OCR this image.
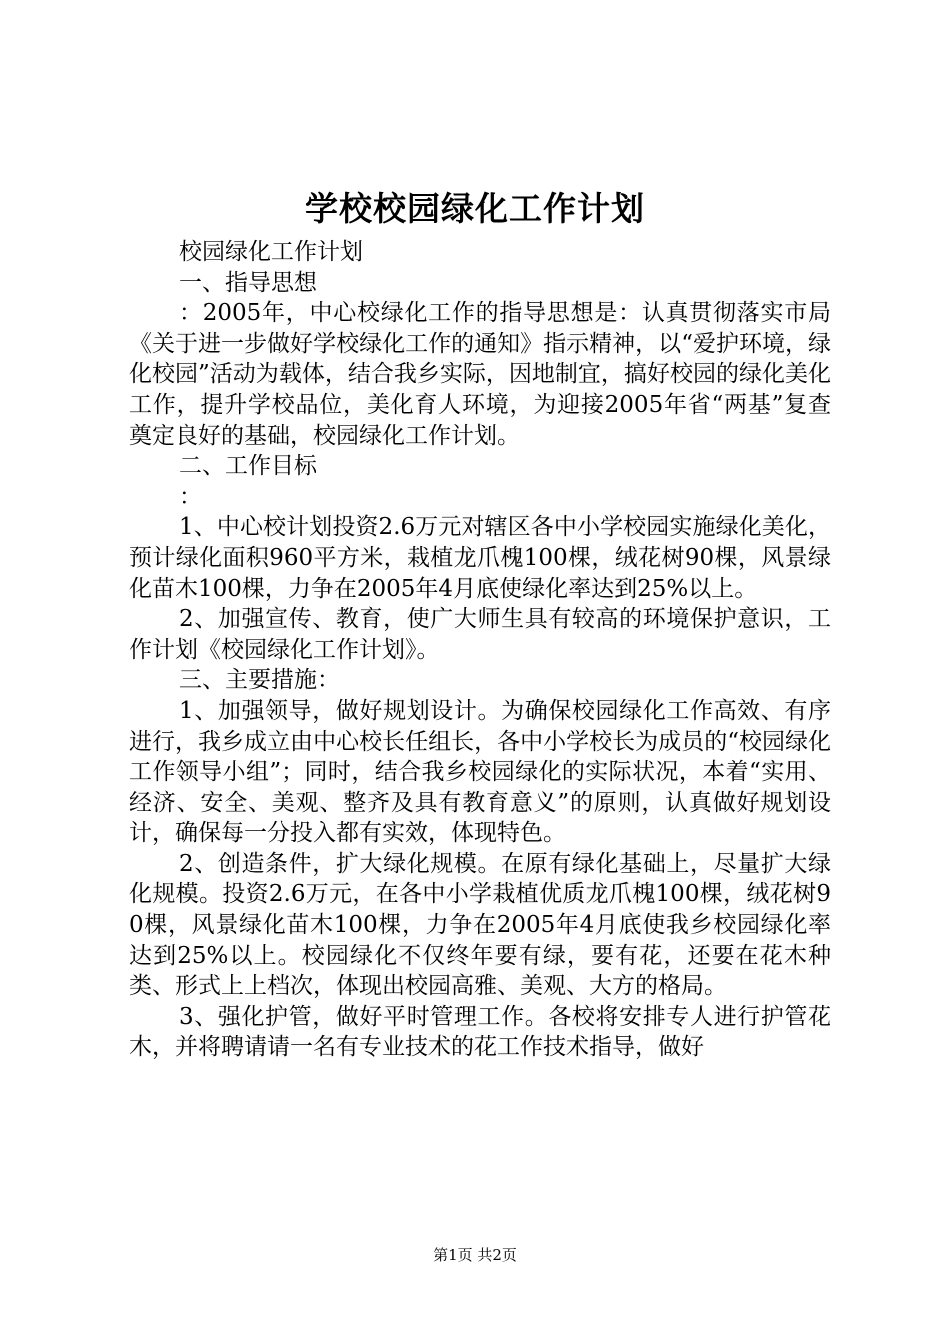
学校校园绿化工作计划

校园绿化工作计划

一、指导思想

：2005年，中心校绿化工作的指导思想是：认真贯彻落实市局《关于进一步做好学校绿化工作的通知》指示精神，以“爱护环境，绿化校园”活动为载体，结合我乡实际，因地制宜，搞好校园的绿化美化工作，提升学校品位，美化育人环境，为迎接2005年省“两基”复查奠定良好的基础，校园绿化工作计划。

二、工作目标

：

1、中心校计划投资2.6万元对辖区各中小学校园实施绿化美化，预计绿化面积960平方米，栽植龙爪槐100棵，绒花树90棵，风景绿化苗木100棵，力争在2005年4月底使绿化率达到25%以上。

2、加强宣传、教育，使广大师生具有较高的环境保护意识，工作计划《校园绿化工作计划》。

三、主要措施：

1、加强领导，做好规划设计。为确保校园绿化工作高效、有序进行，我乡成立由中心校长任组长，各中小学校长为成员的“校园绿化工作领导小组”；同时，结合我乡校园绿化的实际状况，本着“实用、经济、安全、美观、整齐及具有教育意义”的原则，认真做好规划设计，确保每一分投入都有实效，体现特色。

2、创造条件，扩大绿化规模。在原有绿化基础上，尽量扩大绿化规模。投资2.6万元，在各中小学栽植优质龙爪槐100棵，绒花树90棵，风景绿化苗木100棵，力争在2005年4月底使我乡校园绿化率达到25%以上。校园绿化不仅终年要有绿，要有花，还要在花木种类、形式上上档次，体现出校园高雅、美观、大方的格局。

3、强化护管，做好平时管理工作。各校将安排专人进行护管花木，并将聘请请一名有专业技术的花工作技术指导，做好

第1页 共2页
